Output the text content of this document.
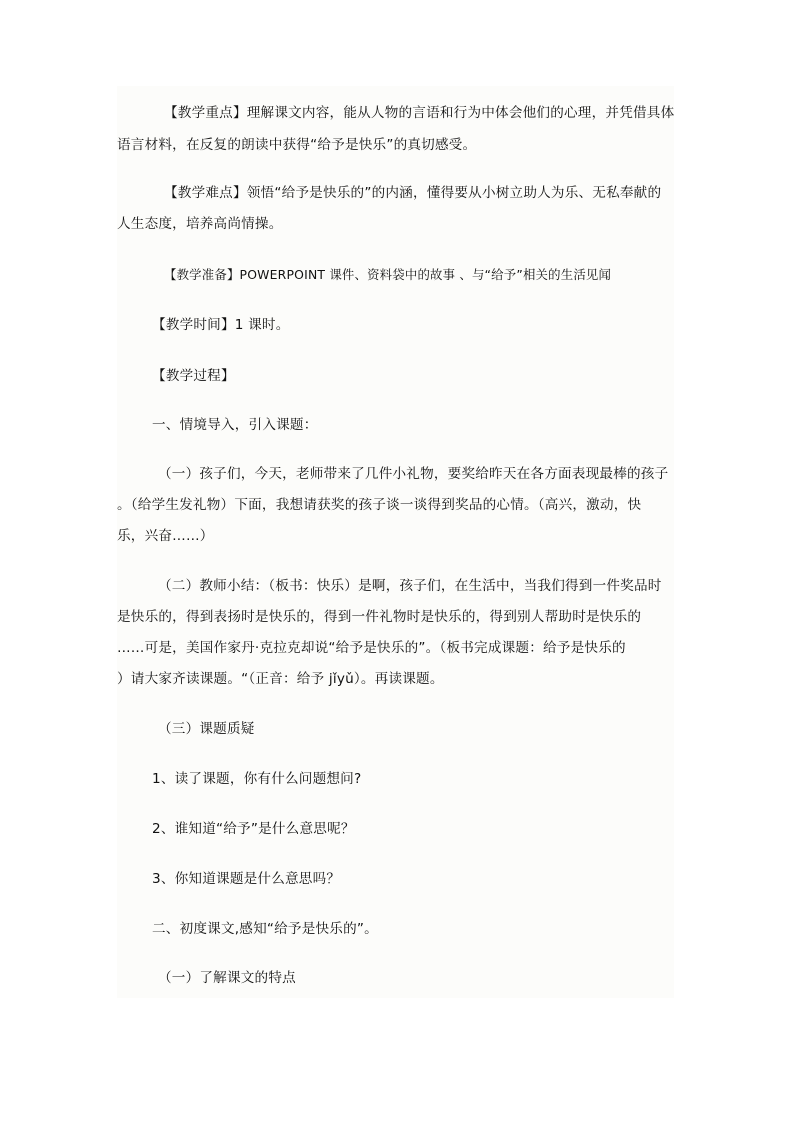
【教学重点】理解课文内容，能从人物的言语和行为中体会他们的心理，并凭借具体
语言材料，在反复的朗读中获得“给予是快乐”的真切感受。
【教学难点】领悟“给予是快乐的”的内涵，懂得要从小树立助人为乐、无私奉献的
人生态度，培养高尚情操。
【教学准备】POWERPOINT 课件、资料袋中的故事 、与“给予”相关的生活见闻
【教学时间】1 课时。
【教学过程】
一、情境导入，引入课题：
（一）孩子们，今天，老师带来了几件小礼物，要奖给昨天在各方面表现最棒的孩子
。（给学生发礼物）下面，我想请获奖的孩子谈一谈得到奖品的心情。（高兴，激动，快
乐，兴奋……）
（二）教师小结：（板书：快乐）是啊，孩子们，在生活中，当我们得到一件奖品时
是快乐的，得到表扬时是快乐的，得到一件礼物时是快乐的，得到别人帮助时是快乐的
……可是，美国作家丹·克拉克却说“给予是快乐的”。（板书完成课题：给予是快乐的
）请大家齐读课题。“（正音：给予 jǐyǔ）。再读课题。
（三）课题质疑
1、读了课题，你有什么问题想问?
2、谁知道“给予”是什么意思呢？
3、你知道课题是什么意思吗？
二、初度课文,感知“给予是快乐的”。
（一）了解课文的特点
